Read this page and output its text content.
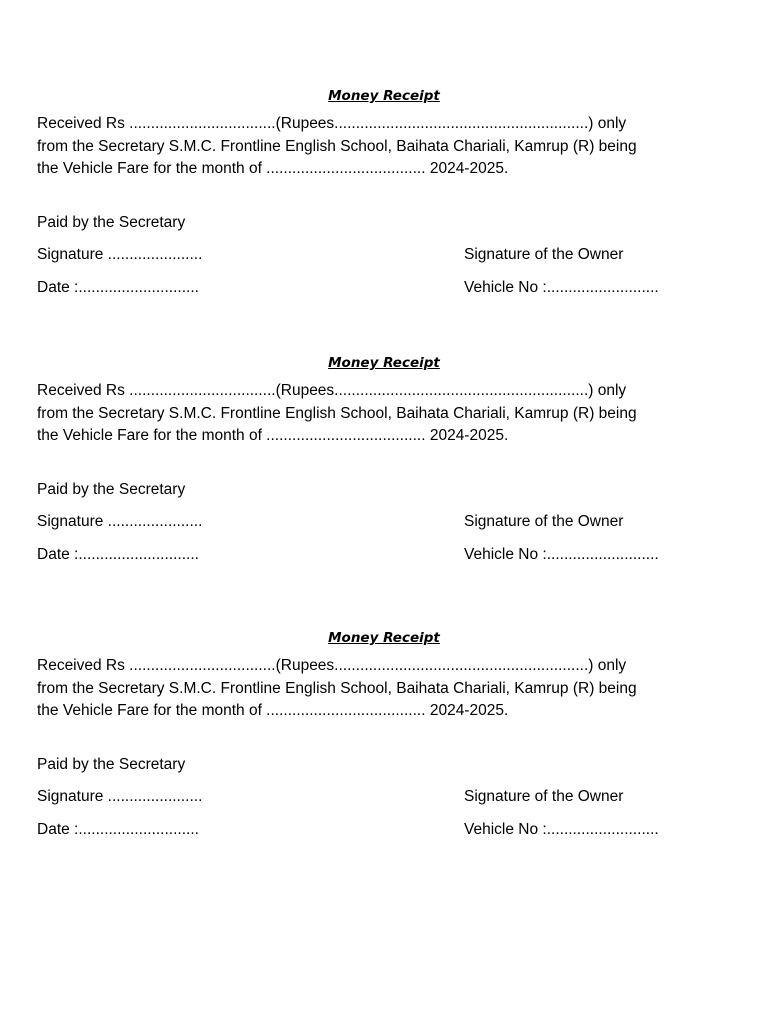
Money Receipt
Received Rs ..................................(Rupees...........................................................) only
from the Secretary S.M.C. Frontline English School, Baihata Chariali, Kamrup (R) being
the Vehicle Fare for the month of ..................................... 2024-2025.
Paid by the Secretary
Signature ......................	Signature of the Owner
Date :............................	Vehicle No :..........................
Money Receipt
Received Rs ..................................(Rupees...........................................................) only
from the Secretary S.M.C. Frontline English School, Baihata Chariali, Kamrup (R) being
the Vehicle Fare for the month of ..................................... 2024-2025.
Paid by the Secretary
Signature ......................	Signature of the Owner
Date :............................	Vehicle No :..........................
Money Receipt
Received Rs ..................................(Rupees...........................................................) only
from the Secretary S.M.C. Frontline English School, Baihata Chariali, Kamrup (R) being
the Vehicle Fare for the month of ..................................... 2024-2025.
Paid by the Secretary
Signature ......................	Signature of the Owner
Date :............................	Vehicle No :..........................
